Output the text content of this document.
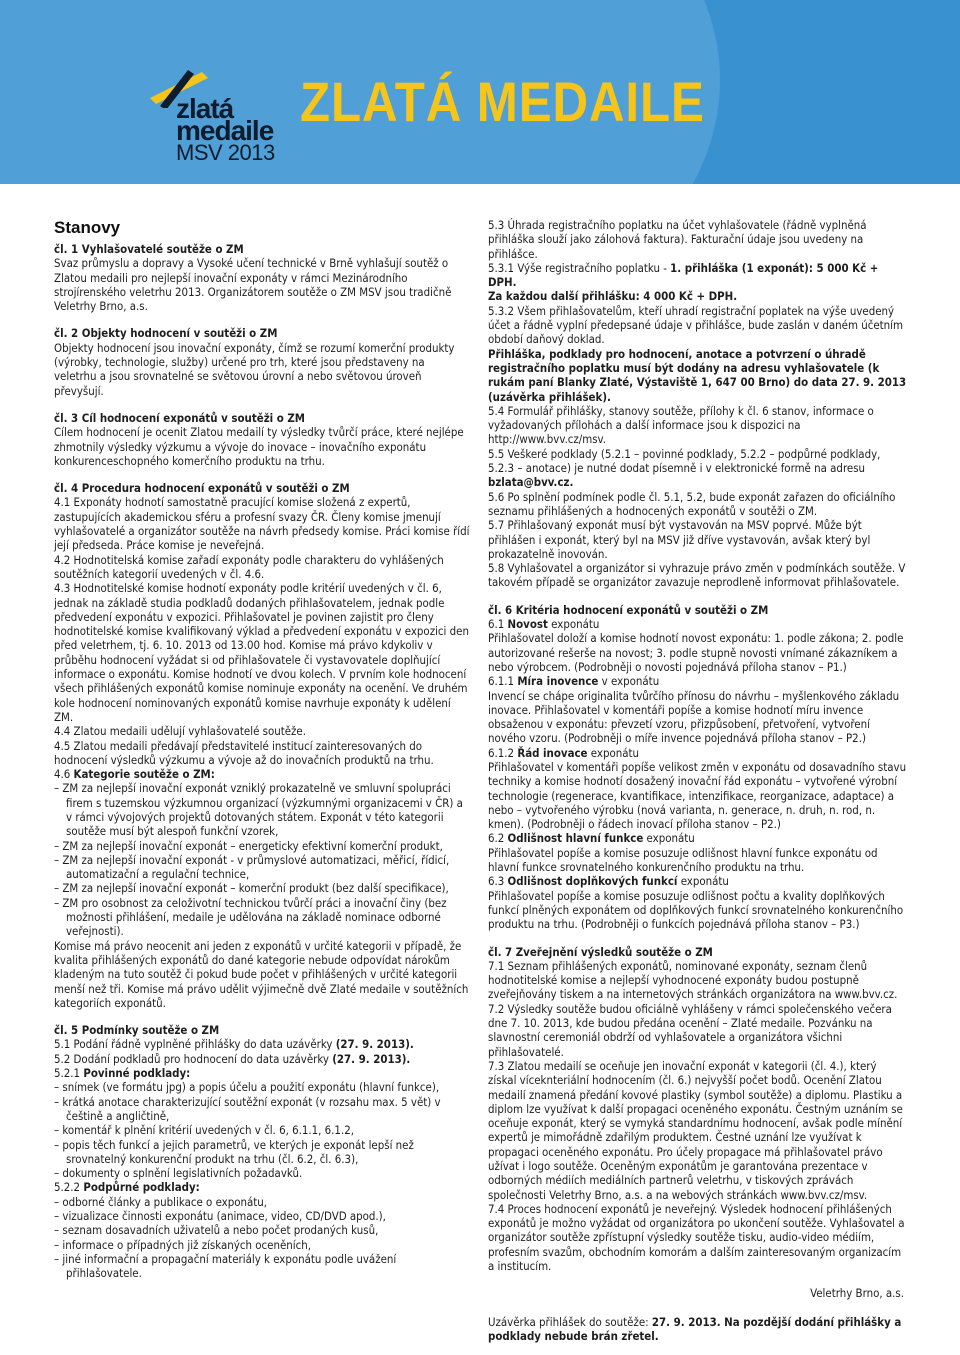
zlatá
medaile
MSV 2013
ZLATÁ MEDAILE
Stanovy

čl. 1 Vyhlašovatelé soutěže o ZM

Svaz průmyslu a dopravy a Vysoké učení technické v Brně vyhlašují soutěž o Zlatou medaili pro nejlepší inovační exponáty v rámci Mezinárodního strojírenského veletrhu 2013. Organizátorem soutěže o ZM MSV jsou tradičně Veletrhy Brno, a.s.

čl. 2 Objekty hodnocení v soutěži o ZM

Objekty hodnocení jsou inovační exponáty, čímž se rozumí komerční produkty (výrobky, technologie, služby) určené pro trh, které jsou představeny na veletrhu a jsou srovnatelné se světovou úrovní a nebo světovou úroveň převyšují.

čl. 3 Cíl hodnocení exponátů v soutěži o ZM

Cílem hodnocení je ocenit Zlatou medailí ty výsledky tvůrčí práce, které nejlépe zhmotnily výsledky výzkumu a vývoje do inovace – inovačního exponátu konkurenceschopného komerčního produktu na trhu.

čl. 4 Procedura hodnocení exponátů v soutěži o ZM

4.1 Exponáty hodnotí samostatně pracující komise složená z expertů, zastupujících akademickou sféru a profesní svazy ČR. Členy komise jmenují vyhlašovatelé a organizátor soutěže na návrh předsedy komise. Práci komise řídí její předseda. Práce komise je neveřejná.

4.2 Hodnotitelská komise zařadí exponáty podle charakteru do vyhlášených soutěžních kategorií uvedených v čl. 4.6.

4.3 Hodnotitelské komise hodnotí exponáty podle kritérií uvedených v čl. 6, jednak na základě studia podkladů dodaných přihlašovatelem, jednak podle předvedení exponátu v expozici. Přihlašovatel je povinen zajistit pro členy hodnotitelské komise kvalifikovaný výklad a předvedení exponátu v expozici den před veletrhem, tj. 6. 10. 2013 od 13.00 hod. Komise má právo kdykoliv v průběhu hodnocení vyžádat si od přihlašovatele či vystavovatele doplňující informace o exponátu. Komise hodnotí ve dvou kolech. V prvním kole hodnocení všech přihlášených exponátů komise nominuje exponáty na ocenění. Ve druhém kole hodnocení nominovaných exponátů komise navrhuje exponáty k udělení ZM.

4.4 Zlatou medaili udělují vyhlašovatelé soutěže.

4.5 Zlatou medaili předávají představitelé institucí zainteresovaných do hodnocení výsledků výzkumu a vývoje až do inovačních produktů na trhu.

4.6 Kategorie soutěže o ZM:

– ZM za nejlepší inovační exponát vzniklý prokazatelně ve smluvní spolupráci firem s tuzemskou výzkumnou organizací (výzkumnými organizacemi v ČR) a v rámci vývojových projektů dotovaných státem. Exponát v této kategorii soutěže musí být alespoň funkční vzorek,

– ZM za nejlepší inovační exponát – energeticky efektivní komerční produkt,

– ZM za nejlepší inovační exponát - v průmyslové automatizaci, měřicí, řídicí, automatizační a regulační technice,

– ZM za nejlepší inovační exponát – komerční produkt (bez další specifikace),

– ZM pro osobnost za celoživotní technickou tvůrčí práci a inovační činy (bez možnosti přihlášení, medaile je udělována na základě nominace odborné veřejnosti).

Komise má právo neocenit ani jeden z exponátů v určité kategorii v případě, že kvalita přihlášených exponátů do dané kategorie nebude odpovídat nárokům kladeným na tuto soutěž či pokud bude počet v přihlášených v určité kategorii menší než tři. Komise má právo udělit výjimečně dvě Zlaté medaile v soutěžních kategoriích exponátů.

čl. 5 Podmínky soutěže o ZM

5.1 Podání řádně vyplněné přihlášky do data uzávěrky (27. 9. 2013).

5.2 Dodání podkladů pro hodnocení do data uzávěrky (27. 9. 2013).

5.2.1 Povinné podklady:

– snímek (ve formátu jpg) a popis účelu a použití exponátu (hlavní funkce),

– krátká anotace charakterizující soutěžní exponát (v rozsahu max. 5 vět) v češtině a angličtině,

– komentář k plnění kritérií uvedených v čl. 6, 6.1.1, 6.1.2,

– popis těch funkcí a jejich parametrů, ve kterých je exponát lepší než srovnatelný konkurenční produkt na trhu (čl. 6.2, čl. 6.3),

– dokumenty o splnění legislativních požadavků.

5.2.2 Podpůrné podklady:

– odborné články a publikace o exponátu,

– vizualizace činnosti exponátu (animace, video, CD/DVD apod.),

– seznam dosavadních uživatelů a nebo počet prodaných kusů,

– informace o případných již získaných oceněních,

– jiné informační a propagační materiály k exponátu podle uvážení přihlašovatele.

5.3 Úhrada registračního poplatku na účet vyhlašovatele (řádně vyplněná přihláška slouží jako zálohová faktura). Fakturační údaje jsou uvedeny na přihlášce.

5.3.1 Výše registračního poplatku - 1. přihláška (1 exponát): 5 000 Kč + DPH.

Za každou další přihlášku: 4 000 Kč + DPH.

5.3.2 Všem přihlašovatelům, kteří uhradí registrační poplatek na výše uvedený účet a řádně vyplní předepsané údaje v přihlášce, bude zaslán v daném účetním období daňový doklad.

Přihláška, podklady pro hodnocení, anotace a potvrzení o úhradě registračního poplatku musí být dodány na adresu vyhlašovatele (k rukám paní Blanky Zlaté, Výstaviště 1, 647 00 Brno) do data 27. 9. 2013 (uzávěrka přihlášek).

5.4 Formulář přihlášky, stanovy soutěže, přílohy k čl. 6 stanov, informace o vyžadovaných přílohách a další informace jsou k dispozici na http://www.bvv.cz/msv.

5.5 Veškeré podklady (5.2.1 – povinné podklady, 5.2.2 – podpůrné podklady, 5.2.3 – anotace) je nutné dodat písemně i v elektronické formě na adresu bzlata@bvv.cz.

5.6 Po splnění podmínek podle čl. 5.1, 5.2, bude exponát zařazen do oficiálního seznamu přihlášených a hodnocených exponátů v soutěži o ZM.

5.7 Přihlašovaný exponát musí být vystavován na MSV poprvé. Může být přihlášen i exponát, který byl na MSV již dříve vystavován, avšak který byl prokazatelně inovován.

5.8 Vyhlašovatel a organizátor si vyhrazuje právo změn v podmínkách soutěže. V takovém případě se organizátor zavazuje neprodleně informovat přihlašovatele.

čl. 6 Kritéria hodnocení exponátů v soutěži o ZM

6.1 Novost exponátu

Přihlašovatel doloží a komise hodnotí novost exponátu: 1. podle zákona; 2. podle autorizované rešerše na novost; 3. podle stupně novosti vnímané zákazníkem a nebo výrobcem. (Podrobněji o novosti pojednává příloha stanov – P1.)

6.1.1 Míra inovence v exponátu

Invencí se chápe originalita tvůrčího přínosu do návrhu – myšlenkového základu inovace. Přihlašovatel v komentáři popíše a komise hodnotí míru invence obsaženou v exponátu: převzetí vzoru, přizpůsobení, přetvoření, vytvoření nového vzoru. (Podrobněji o míře invence pojednává příloha stanov – P2.)

6.1.2 Řád inovace exponátu

Přihlašovatel v komentáři popíše velikost změn v exponátu od dosavadního stavu techniky a komise hodnotí dosažený inovační řád exponátu – vytvořené výrobní technologie (regenerace, kvantifikace, intenzifikace, reorganizace, adaptace) a nebo – vytvořeného výrobku (nová varianta, n. generace, n. druh, n. rod, n. kmen). (Podrobněji o řádech inovací příloha stanov – P2.)

6.2 Odlišnost hlavní funkce exponátu

Přihlašovatel popíše a komise posuzuje odlišnost hlavní funkce exponátu od hlavní funkce srovnatelného konkurenčního produktu na trhu.

6.3 Odlišnost doplňkových funkcí exponátu

Přihlašovatel popíše a komise posuzuje odlišnost počtu a kvality doplňkových funkcí plněných exponátem od doplňkových funkcí srovnatelného konkurenčního produktu na trhu. (Podrobněji o funkcích pojednává příloha stanov – P3.)

čl. 7 Zveřejnění výsledků soutěže o ZM

7.1 Seznam přihlášených exponátů, nominované exponáty, seznam členů hodnotitelské komise a nejlepší vyhodnocené exponáty budou postupně zveřejňovány tiskem a na internetových stránkách organizátora na www.bvv.cz.

7.2 Výsledky soutěže budou oficiálně vyhlášeny v rámci společenského večera dne 7. 10. 2013, kde budou předána ocenění – Zlaté medaile. Pozvánku na slavnostní ceremoniál obdrží od vyhlašovatele a organizátora všichni přihlašovatelé.

7.3 Zlatou medailí se oceňuje jen inovační exponát v kategorii (čl. 4.), který získal víceknteriální hodnocením (čl. 6.) nejvyšší počet bodů. Ocenění Zlatou medailí znamená předání kovové plastiky (symbol soutěže) a diplomu. Plastiku a diplom lze využívat k další propagaci oceněného exponátu. Čestným uznáním se oceňuje exponát, který se vymyká standardnímu hodnocení, avšak podle mínění expertů je mimořádně zdařilým produktem. Čestné uznání lze využívat k propagaci oceněného exponátu. Pro účely propagace má přihlašovatel právo užívat i logo soutěže. Oceněným exponátům je garantována prezentace v odborných médiích mediálních partnerů veletrhu, v tiskových zprávách společnosti Veletrhy Brno, a.s. a na webových stránkách www.bvv.cz/msv.

7.4 Proces hodnocení exponátů je neveřejný. Výsledek hodnocení přihlášených exponátů je možno vyžádat od organizátora po ukončení soutěže. Vyhlašovatel a organizátor soutěže zpřístupní výsledky soutěže tisku, audio-video médiím, profesním svazům, obchodním komorám a dalším zainteresovaným organizacím a institucím.

Veletrhy Brno, a.s.

Uzávěrka přihlášek do soutěže: 27. 9. 2013. Na pozdější dodání přihlášky a podklady nebude brán zřetel.
